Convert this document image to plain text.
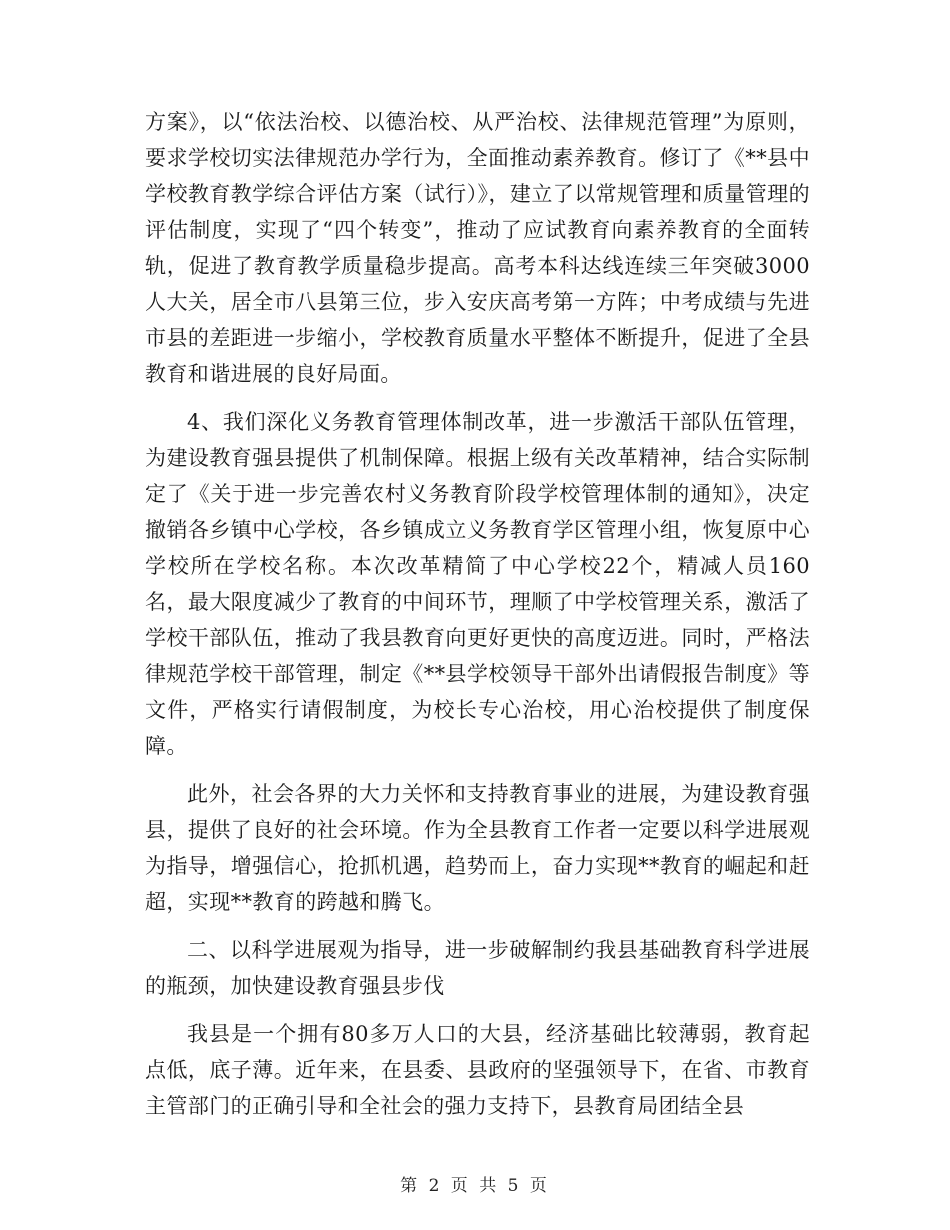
方案》，以“依法治校、以德治校、从严治校、法律规范管理”为原则，要求学校切实法律规范办学行为，全面推动素养教育。修订了《**县中学校教育教学综合评估方案（试行）》，建立了以常规管理和质量管理的评估制度，实现了“四个转变”，推动了应试教育向素养教育的全面转轨，促进了教育教学质量稳步提高。高考本科达线连续三年突破3000人大关，居全市八县第三位，步入安庆高考第一方阵；中考成绩与先进市县的差距进一步缩小，学校教育质量水平整体不断提升，促进了全县教育和谐进展的良好局面。

4、我们深化义务教育管理体制改革，进一步激活干部队伍管理，为建设教育强县提供了机制保障。根据上级有关改革精神，结合实际制定了《关于进一步完善农村义务教育阶段学校管理体制的通知》，决定撤销各乡镇中心学校，各乡镇成立义务教育学区管理小组，恢复原中心学校所在学校名称。本次改革精简了中心学校22个，精减人员160名，最大限度减少了教育的中间环节，理顺了中学校管理关系，激活了学校干部队伍，推动了我县教育向更好更快的高度迈进。同时，严格法律规范学校干部管理，制定《**县学校领导干部外出请假报告制度》等文件，严格实行请假制度，为校长专心治校，用心治校提供了制度保障。

此外，社会各界的大力关怀和支持教育事业的进展，为建设教育强县，提供了良好的社会环境。作为全县教育工作者一定要以科学进展观为指导，增强信心，抢抓机遇，趋势而上，奋力实现**教育的崛起和赶超，实现**教育的跨越和腾飞。

二、以科学进展观为指导，进一步破解制约我县基础教育科学进展的瓶颈，加快建设教育强县步伐

我县是一个拥有80多万人口的大县，经济基础比较薄弱，教育起点低，底子薄。近年来，在县委、县政府的坚强领导下，在省、市教育主管部门的正确引导和全社会的强力支持下，县教育局团结全县

第 2 页 共 5 页
